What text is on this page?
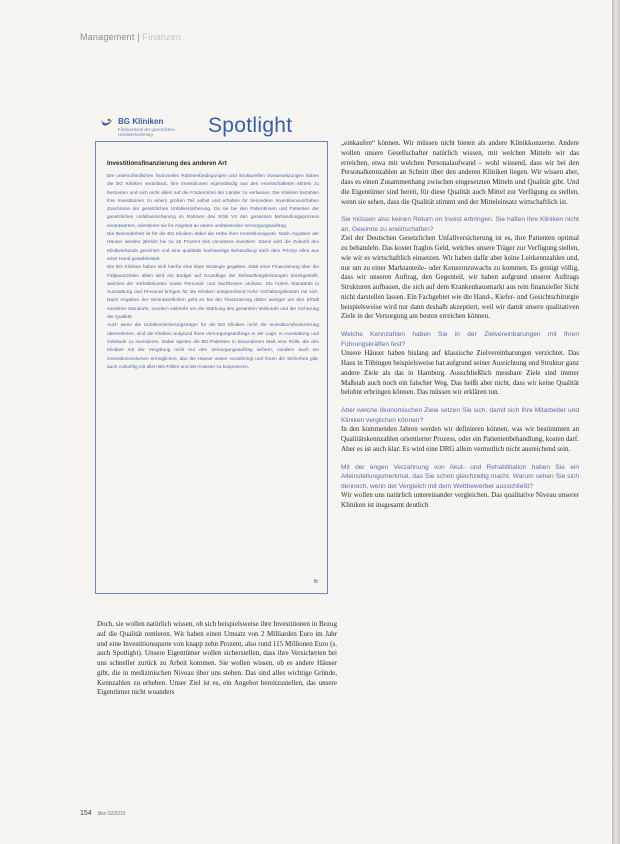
Management | Finanzen
BG Kliniken
Klinikverbund der gesetzlichen Unfallversicherung	Spotlight
Investitionsfinanzierung des anderen Art

Die unterschiedlichen finanziellen Rahmenbedingungen und strukturellen Voraussetzungen haben die BG Kliniken veranlasst, ihre Investitionen eigenständig aus den erwirtschafteten Mitteln zu bestreiten und sich nicht allein auf die Fördermittel der Länder zu verlassen. Die Kliniken bezahlen ihre Investitionen zu einem großen Teil selbst und erhalten für besondere Investitionsvorhaben Zuschüsse der gesetzlichen Unfallversicherung. Da sie bei den Patientinnen und Patienten der gesetzlichen Unfallversicherung im Rahmen des SGB VII den gesamten Behandlungsprozess verantworten, orientieren sie ihr Angebot an einem umfassenden Versorgungsauftrag.

Die Besonderheit ist für die BG Kliniken dabei die Höhe ihrer Investitionsquote. Nach Angaben der Häuser werden jährlich bis zu 15 Prozent des Umsatzes investiert. Damit wird die Zukunft des Klinikverbunds gesichert und eine qualitativ hochwertige Behandlung nach dem Prinzip Alles aus einer Hand gewährleistet.

Die BG Kliniken haben sich hierfür eine klare Strategie gegeben: Statt einer Finanzierung über die Fallpauschalen allein wird ein Budget auf Grundlage der Behandlungsleistungen bereitgestellt, welches die Vorhaltekosten sowie Personal- und Sachkosten umfasst. Die hohen Standards in Ausstattung und Personal bringen für die Kliniken entsprechend hohe Vorhaltungskosten mit sich. Nach Angaben der Verantwortlichen geht es bei der Finanzierung daher weniger um den Erhalt einzelner Standorte, sondern vielmehr um die Stärkung des gesamten Verbunds und die Sicherung der Qualität.

Auch wenn die Unfallversicherungsträger für die BG Kliniken nicht die Investitionsfinanzierung übernehmen, sind die Kliniken aufgrund ihres Versorgungsauftrags in der Lage, in Ausstattung und Gebäude zu investieren. Dabei spielen die BG-Patienten in besonderem Maß eine Rolle, die den Kliniken mit der Vergütung nicht nur den Versorgungsauftrag sichern, sondern auch ein Investitionsvolumen ermöglichen, das die Häuser weiter voranbringt und ihnen die Sicherheit gibt, auch zukünftig mit allen BG-Fällen und den Kassen zu kooperieren.

fb

„einkaufen“ können. Wir müssen nicht bieten als andere Klinikkonzerne. Andere wollen unsere Gesellschafter natürlich wissen, mit welchen Mitteln wir das erreichen, etwa mit welchen Personalaufwand – wohl wissend, dass wir bei den Personalkennzahlen an Schnitt über den anderen Kliniken liegen. Wir wissen aber, dass es einen Zusammenhang zwischen eingesetzten Mitteln und Qualität gibt. Und die Eigentümer sind bereit, für diese Qualität auch Mittel zur Verfügung zu stellen, wenn sie sehen, dass die Qualität stimmt und der Mitteleinsatz wirtschaftlich ist.

Sie müssen also keinen Return on Invest erbringen. Sie halten ihre Kliniken nicht an, Gewinne zu erwirtschaften?

Ziel der Deutschen Gesetzlichen Unfallversicherung ist es, ihre Patienten optimal zu behandeln. Das kostet fraglos Geld, welches unsere Träger zur Verfügung stellen, wie wir es wirtschaftlich einsetzen. Wir haben dafür aber keine Leitkennzahlen und, nur um zu einer Marktanteile- oder Konzernzuwachs zu kommen. Es genügt völlig, dass wir unseren Auftrag, den Gegenteil, wir haben aufgrund unserer Auftrags Strukturen aufbauen, die sich auf dem Krankenhausmarkt aus rein finanzieller Sicht nicht darstellen lassen. Ein Fachgebiet wie die Hand-, Kiefer- und Gesichtschirurgie beispielsweise wird nur dann deshalb akzeptiert, weil wir damit unsere qualitativen Ziele in der Versorgung am besten erreichen können.

Welche Kennzahlen haben Sie in der Zielvereinbarungen mit Ihren Führungskräften fest?

Unsere Häuser haben bislang auf klassische Zielvereinbarungen verzichtet. Das Haus in Tübingen beispielsweise hat aufgrund seiner Ausrichtung und Struktur ganz andere Ziele als das in Hamburg. Ausschließlich messbare Ziele sind immer Maßstab auch noch ein falscher Weg. Das heißt aber nicht, dass wir keine Qualität belohnt erbringen können. Das müssen wir erklären tun.

Aber welche ökonomischen Ziele setzen Sie sich, damit sich Ihre Mitarbeiter und Kliniken verglichen können?

In den kommenden Jahren werden wir definieren können, was wir bestimmten an Qualitätskennzahlen orientierter Prozess, oder ein Patientenbehandlung, kosten darf. Aber es ist auch klar: Es wird eine DRG allein vermutlich nicht ausreichend sein.

Mit der engen Verzahnung von Akut- und Rehabilitation haben Sie ein Alleinstellungsmerkmal, das Sie schon gleichzeitig macht. Warum sehen Sie sich dennoch, wenn der Vergleich mit dem Wettbewerber ausschließt?

Wir wollen uns natürlich untereinander vergleichen. Das qualitative Niveau unserer Kliniken ist insgesamt deutlich

Doch, sie wollen natürlich wissen, ob sich beispielsweise ihre Investitionen in Bezug auf die Qualität rentieren. Wir haben einen Umsatz von 2 Milliarden Euro im Jahr und eine Investitionsquote von knapp zehn Prozent, also rund 115 Millionen Euro (s. auch Spotlight). Unsere Eigentümer wollen sicherstellen, dass ihre Versicherten bei uns schneller zurück zu Arbeit kommen. Sie wollen wissen, ob es andere Häuser gibt, die in medizinischen Niveau über uns stehen. Das sind alles wichtige Gründe, Kennzahlen zu erheben. Unser Ziel ist es, ein Angebot bereitzustellen, das unsere Eigentümer nicht woanders

154 f&w 02/2016
